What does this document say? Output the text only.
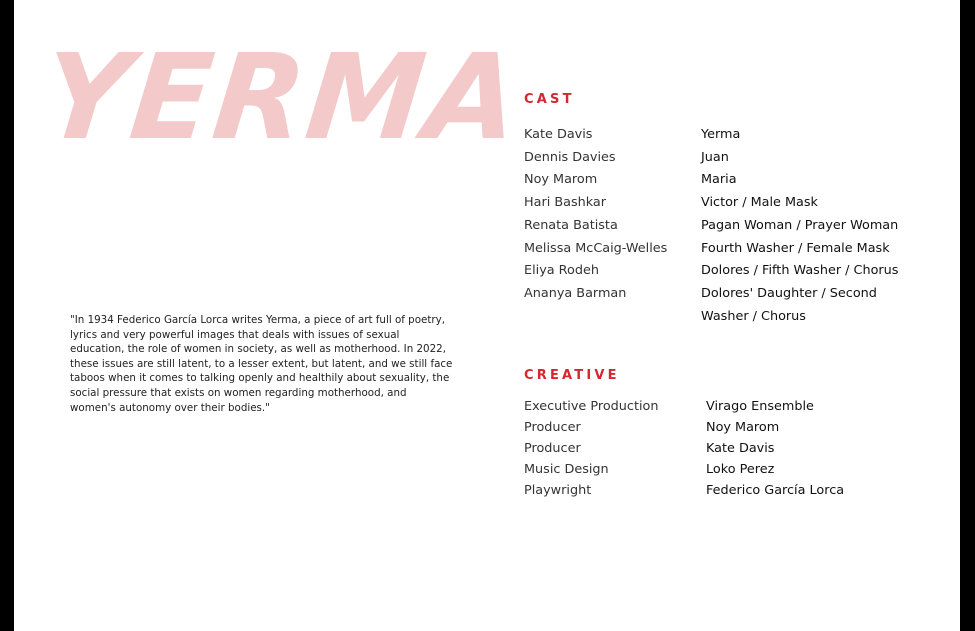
YERMA

"In 1934 Federico García Lorca writes Yerma, a piece of art full of poetry, lyrics and very powerful images that deals with issues of sexual education, the role of women in society, as well as motherhood. In 2022, these issues are still latent, to a lesser extent, but latent, and we still face taboos when it comes to talking openly and healthily about sexuality, the social pressure that exists on women regarding motherhood, and women's autonomy over their bodies."

CAST
Kate Davis	Yerma
Dennis Davies	Juan
Noy Marom	Maria
Hari Bashkar	Victor / Male Mask
Renata Batista	Pagan Woman / Prayer Woman
Melissa McCaig-Welles	Fourth Washer / Female Mask
Eliya Rodeh	Dolores / Fifth Washer / Chorus
Ananya Barman	Dolores' Daughter / Second Washer / Chorus
CREATIVE
Executive Production	Virago Ensemble
Producer	Noy Marom
Producer	Kate Davis
Music Design	Loko Perez
Playwright	Federico García Lorca
